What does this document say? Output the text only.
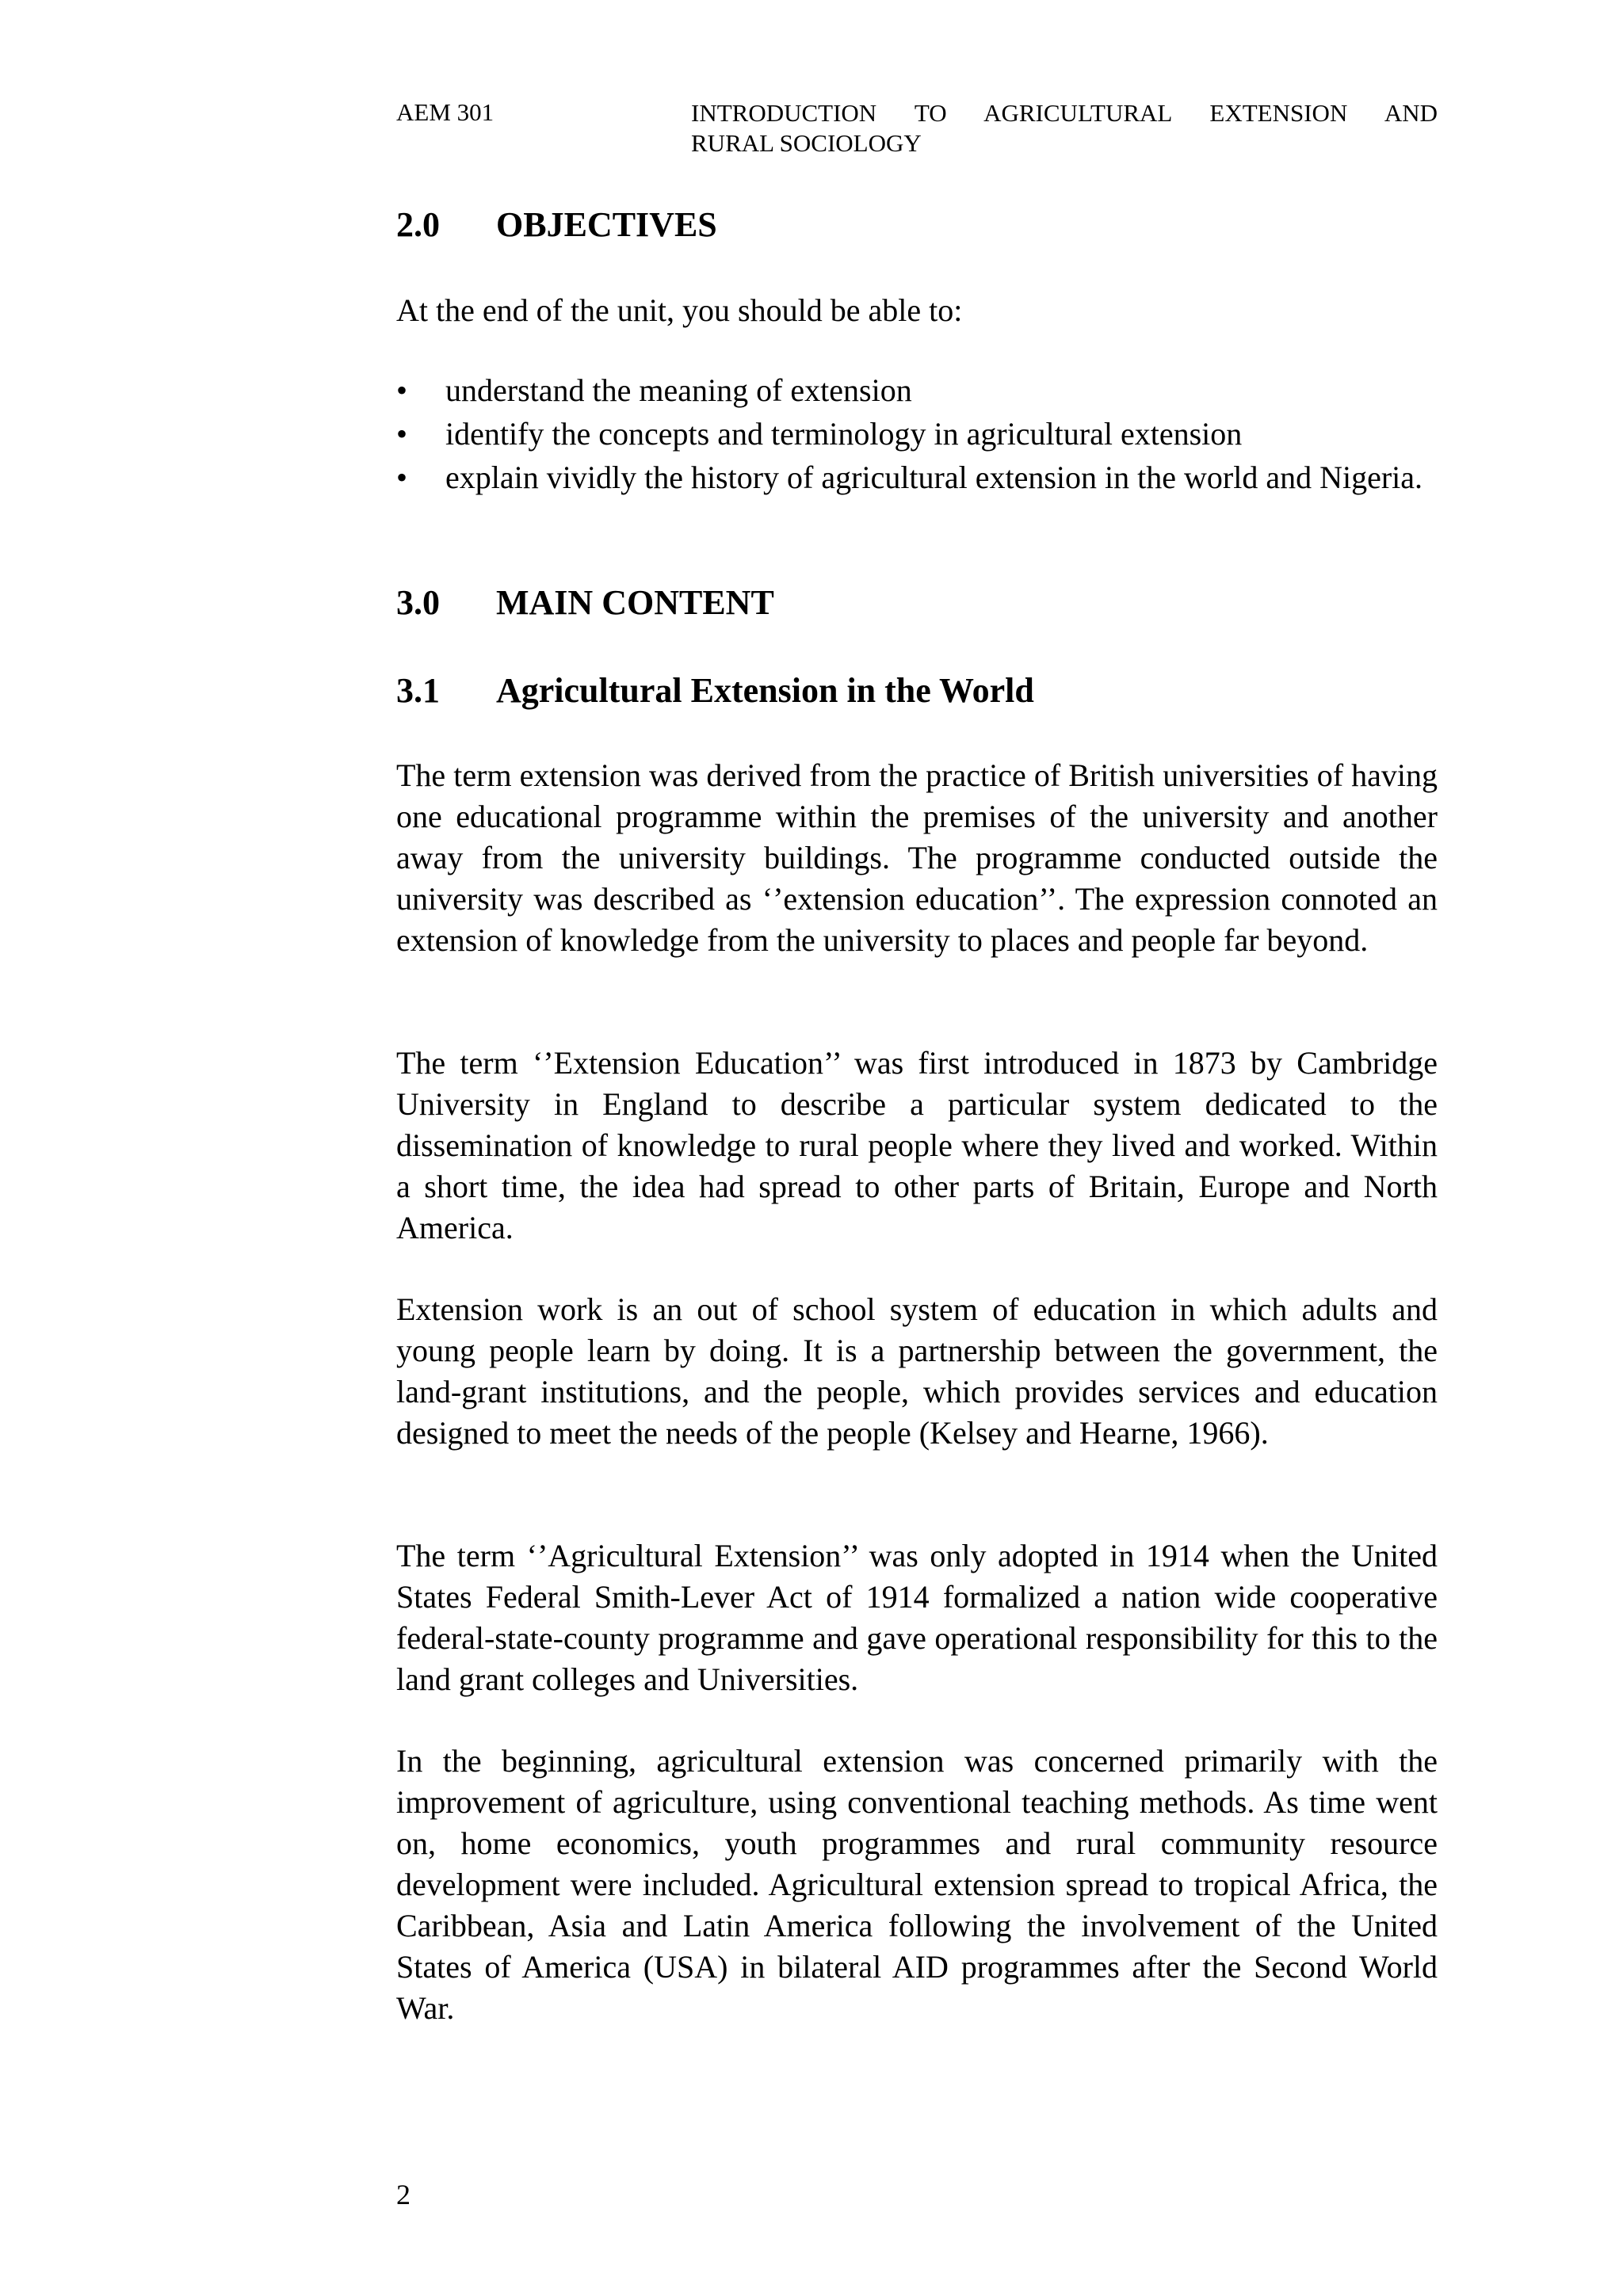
AEM 301	INTRODUCTION TO AGRICULTURAL EXTENSION AND
RURAL SOCIOLOGY
2.0 OBJECTIVES
At the end of the unit, you should be able to:
•	understand the meaning of extension
•	identify the concepts and terminology in agricultural extension
•	explain vividly the history of agricultural extension in the world and Nigeria.
3.0 MAIN CONTENT
3.1 Agricultural Extension in the World
The term extension was derived from the practice of British universities of having one educational programme within the premises of the university and another away from the university buildings. The programme conducted outside the university was described as ‘’extension education’’. The expression connoted an extension of knowledge from the university to places and people far beyond.
The term ‘’Extension Education’’ was first introduced in 1873 by Cambridge University in England to describe a particular system dedicated to the dissemination of knowledge to rural people where they lived and worked. Within a short time, the idea had spread to other parts of Britain, Europe and North America.
Extension work is an out of school system of education in which adults and young people learn by doing. It is a partnership between the government, the land-grant institutions, and the people, which provides services and education designed to meet the needs of the people (Kelsey and Hearne, 1966).
The term ‘’Agricultural Extension’’ was only adopted in 1914 when the United States Federal Smith-Lever Act of 1914 formalized a nation wide cooperative federal-state-county programme and gave operational responsibility for this to the land grant colleges and Universities.
In the beginning, agricultural extension was concerned primarily with the improvement of agriculture, using conventional teaching methods. As time went on, home economics, youth programmes and rural community resource development were included. Agricultural extension spread to tropical Africa, the Caribbean, Asia and Latin America following the involvement of the United States of America (USA) in bilateral AID programmes after the Second World War.
2
